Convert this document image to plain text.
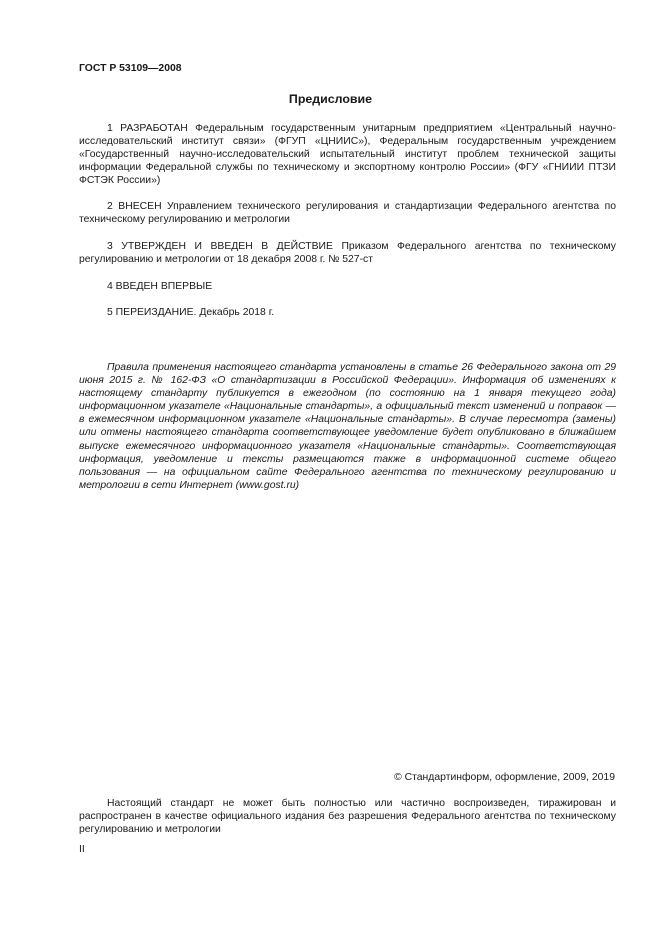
ГОСТ Р 53109—2008
Предисловие

1 РАЗРАБОТАН Федеральным государственным унитарным предприятием «Центральный научно-исследовательский институт связи» (ФГУП «ЦНИИС»), Федеральным государственным учреждением «Государственный научно-исследовательский испытательный институт проблем технической защиты информации Федеральной службы по техническому и экспортному контролю России» (ФГУ «ГНИИИ ПТЗИ ФСТЭК России»)

2 ВНЕСЕН Управлением технического регулирования и стандартизации Федерального агентства по техническому регулированию и метрологии

3 УТВЕРЖДЕН И ВВЕДЕН В ДЕЙСТВИЕ Приказом Федерального агентства по техническому регулированию и метрологии от 18 декабря 2008 г. № 527-ст

4 ВВЕДЕН ВПЕРВЫЕ

5 ПЕРЕИЗДАНИЕ. Декабрь 2018 г.

Правила применения настоящего стандарта установлены в статье 26 Федерального закона от 29 июня 2015 г. № 162-ФЗ «О стандартизации в Российской Федерации». Информация об изменениях к настоящему стандарту публикуется в ежегодном (по состоянию на 1 января текущего года) информационном указателе «Национальные стандарты», а официальный текст изменений и поправок — в ежемесячном информационном указателе «Национальные стандарты». В случае пересмотра (замены) или отмены настоящего стандарта соответствующее уведомление будет опубликовано в ближайшем выпуске ежемесячного информационного указателя «Национальные стандарты». Соответствующая информация, уведомление и тексты размещаются также в информационной системе общего пользования — на официальном сайте Федерального агентства по техническому регулированию и метрологии в сети Интернет (www.gost.ru)

© Стандартинформ, оформление, 2009, 2019

Настоящий стандарт не может быть полностью или частично воспроизведен, тиражирован и распространен в качестве официального издания без разрешения Федерального агентства по техническому регулированию и метрологии

II
